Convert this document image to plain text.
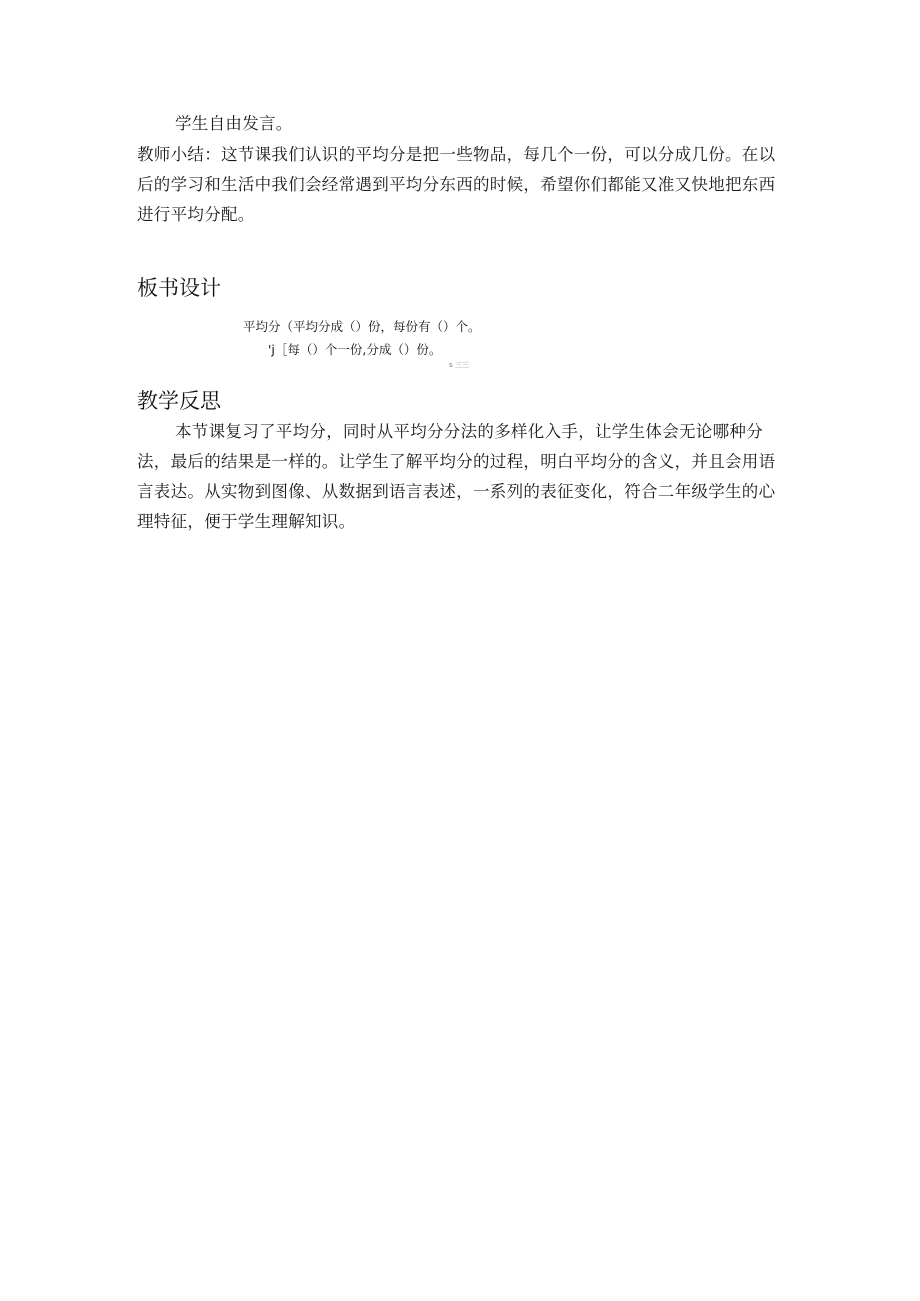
学生自由发言。

教师小结：这节课我们认识的平均分是把一些物品，每几个一份，可以分成几份。在以后的学习和生活中我们会经常遇到平均分东西的时候，希望你们都能又准又快地把东西进行平均分配。

板书设计
平均分（平均分成（）份，每份有（）个。
'j［每（）个一份,分成（）份。
s 三三
教学反思

本节课复习了平均分，同时从平均分分法的多样化入手，让学生体会无论哪种分法，最后的结果是一样的。让学生了解平均分的过程，明白平均分的含义，并且会用语言表达。从实物到图像、从数据到语言表述，一系列的表征变化，符合二年级学生的心理特征，便于学生理解知识。
